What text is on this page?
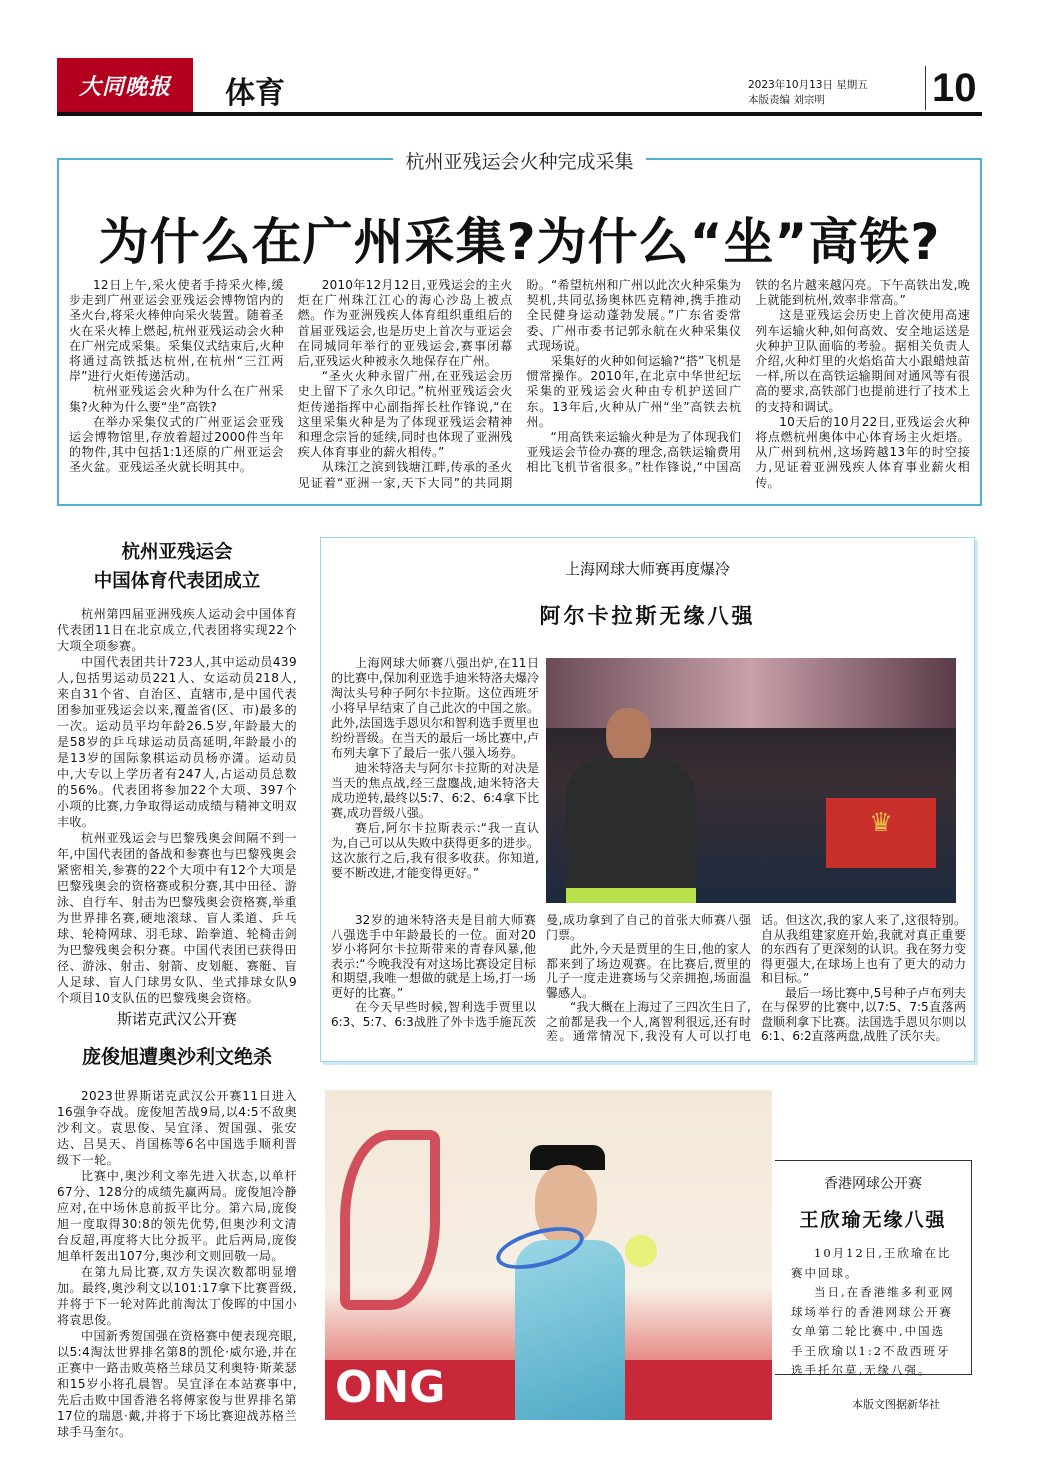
大同晚报	体育	2023年10月13日 星期五
本版责编 刘宗明	10
杭州亚残运会火种完成采集
为什么在广州采集?为什么“坐”高铁?

12日上午,采火使者手持采火棒,缓步走到广州亚运会亚残运会博物馆内的圣火台,将采火棒伸向采火装置。随着圣火在采火棒上燃起,杭州亚残运动会火种在广州完成采集。采集仪式结束后,火种将通过高铁抵达杭州,在杭州“三江两岸”进行火炬传递活动。

杭州亚残运会火种为什么在广州采集?火种为什么要“坐”高铁?

在举办采集仪式的广州亚运会亚残运会博物馆里,存放着超过2000件当年的物件,其中包括1:1还原的广州亚运会圣火盆。亚残运圣火就长明其中。

2010年12月12日,亚残运会的主火炬在广州珠江江心的海心沙岛上被点燃。作为亚洲残疾人体育组织重组后的首届亚残运会,也是历史上首次与亚运会在同城同年举行的亚残运会,赛事闭幕后,亚残运火种被永久地保存在广州。

“圣火火种永留广州,在亚残运会历史上留下了永久印记。”杭州亚残运会火炬传递指挥中心副指挥长杜作锋说,“在这里采集火种是为了体现亚残运会精神和理念宗旨的延续,同时也体现了亚洲残疾人体育事业的薪火相传。”

从珠江之滨到钱塘江畔,传承的圣火见证着“亚洲一家,天下大同”的共同期盼。“希望杭州和广州以此次火种采集为契机,共同弘扬奥林匹克精神,携手推动全民健身运动蓬勃发展。”广东省委常委、广州市委书记郭永航在火种采集仪式现场说。

采集好的火种如何运输?“搭”飞机是惯常操作。2010年,在北京中华世纪坛采集的亚残运会火种由专机护送回广东。13年后,火种从广州“坐”高铁去杭州。

“用高铁来运输火种是为了体现我们亚残运会节俭办赛的理念,高铁运输费用相比飞机节省很多。”杜作锋说,“中国高铁的名片越来越闪亮。下午高铁出发,晚上就能到杭州,效率非常高。”

这是亚残运会历史上首次使用高速列车运输火种,如何高效、安全地运送是火种护卫队面临的考验。据相关负责人介绍,火种灯里的火焰焰苗大小跟蜡烛苗一样,所以在高铁运输期间对通风等有很高的要求,高铁部门也提前进行了技术上的支持和调试。

10天后的10月22日,亚残运会火种将点燃杭州奥体中心体育场主火炬塔。从广州到杭州,这场跨越13年的时空接力,见证着亚洲残疾人体育事业薪火相传。

杭州亚残运会
中国体育代表团成立

杭州第四届亚洲残疾人运动会中国体育代表团11日在北京成立,代表团将实现22个大项全项参赛。

中国代表团共计723人,其中运动员439人,包括男运动员221人、女运动员218人,来自31个省、自治区、直辖市,是中国代表团参加亚残运会以来,覆盖省(区、市)最多的一次。运动员平均年龄26.5岁,年龄最大的是58岁的乒乓球运动员高延明,年龄最小的是13岁的国际象棋运动员杨亦潇。运动员中,大专以上学历者有247人,占运动员总数的56%。代表团将参加22个大项、397个小项的比赛,力争取得运动成绩与精神文明双丰收。

杭州亚残运会与巴黎残奥会间隔不到一年,中国代表团的备战和参赛也与巴黎残奥会紧密相关,参赛的22个大项中有12个大项是巴黎残奥会的资格赛或积分赛,其中田径、游泳、自行车、射击为巴黎残奥会资格赛,举重为世界排名赛,硬地滚球、盲人柔道、乒乓球、轮椅网球、羽毛球、跆拳道、轮椅击剑为巴黎残奥会积分赛。中国代表团已获得田径、游泳、射击、射箭、皮划艇、赛艇、盲人足球、盲人门球男女队、坐式排球女队9个项目10支队伍的巴黎残奥会资格。

斯诺克武汉公开赛
庞俊旭遭奥沙利文绝杀

2023世界斯诺克武汉公开赛11日进入16强争夺战。庞俊旭苦战9局,以4:5不敌奥沙利文。袁思俊、吴宜泽、贺国强、张安达、吕昊天、肖国栋等6名中国选手顺利晋级下一轮。

比赛中,奥沙利文率先进入状态,以单杆67分、128分的成绩先赢两局。庞俊旭冷静应对,在中场休息前扳平比分。第六局,庞俊旭一度取得30:8的领先优势,但奥沙利文清台反超,再度将大比分扳平。此后两局,庞俊旭单杆轰出107分,奥沙利文则回敬一局。

在第九局比赛,双方失误次数都明显增加。最终,奥沙利文以101:17拿下比赛晋级,并将于下一轮对阵此前淘汰丁俊晖的中国小将袁思俊。

中国新秀贺国强在资格赛中便表现亮眼,以5:4淘汰世界排名第8的凯伦·威尔逊,并在正赛中一路击败英格兰球员艾利奥特·斯莱瑟和15岁小将孔晨智。吴宜泽在本站赛事中,先后击败中国香港名将傅家俊与世界排名第17位的瑞恩·戴,并将于下场比赛迎战苏格兰球手马奎尔。

上海网球大师赛再度爆冷
阿尔卡拉斯无缘八强

上海网球大师赛八强出炉,在11日的比赛中,保加利亚选手迪米特洛夫爆冷淘汰头号种子阿尔卡拉斯。这位西班牙小将早早结束了自己此次的中国之旅。此外,法国选手恩贝尔和智利选手贾里也纷纷晋级。在当天的最后一场比赛中,卢布列夫拿下了最后一张八强入场券。

迪米特洛夫与阿尔卡拉斯的对决是当天的焦点战,经三盘鏖战,迪米特洛夫成功逆转,最终以5:7、6:2、6:4拿下比赛,成功晋级八强。

赛后,阿尔卡拉斯表示:“我一直认为,自己可以从失败中获得更多的进步。这次旅行之后,我有很多收获。你知道,要不断改进,才能变得更好。”

♛

32岁的迪米特洛夫是目前大师赛八强选手中年龄最长的一位。面对20岁小将阿尔卡拉斯带来的青春风暴,他表示:“今晚我没有对这场比赛设定目标和期望,我唯一想做的就是上场,打一场更好的比赛。”

在今天早些时候,智利选手贾里以6:3、5:7、6:3战胜了外卡选手施瓦茨曼,成功拿到了自己的首张大师赛八强门票。

此外,今天是贾里的生日,他的家人都来到了场边观赛。在比赛后,贾里的儿子一度走进赛场与父亲拥抱,场面温馨感人。

“我大概在上海过了三四次生日了,之前都是我一个人,离智利很远,还有时差。通常情况下,我没有人可以打电话。但这次,我的家人来了,这很特别。自从我组建家庭开始,我就对真正重要的东西有了更深刻的认识。我在努力变得更强大,在球场上也有了更大的动力和目标。”

最后一场比赛中,5号种子卢布列夫在与保罗的比赛中,以7:5、7:5直落两盘顺利拿下比赛。法国选手恩贝尔则以6:1、6:2直落两盘,战胜了沃尔夫。

ONG
香港网球公开赛
王欣瑜无缘八强

10月12日,王欣瑜在比赛中回球。

当日,在香港维多利亚网球场举行的香港网球公开赛女单第二轮比赛中,中国选手王欣瑜以1:2不敌西班牙选手托尔莫,无缘八强。

本版文图据新华社
